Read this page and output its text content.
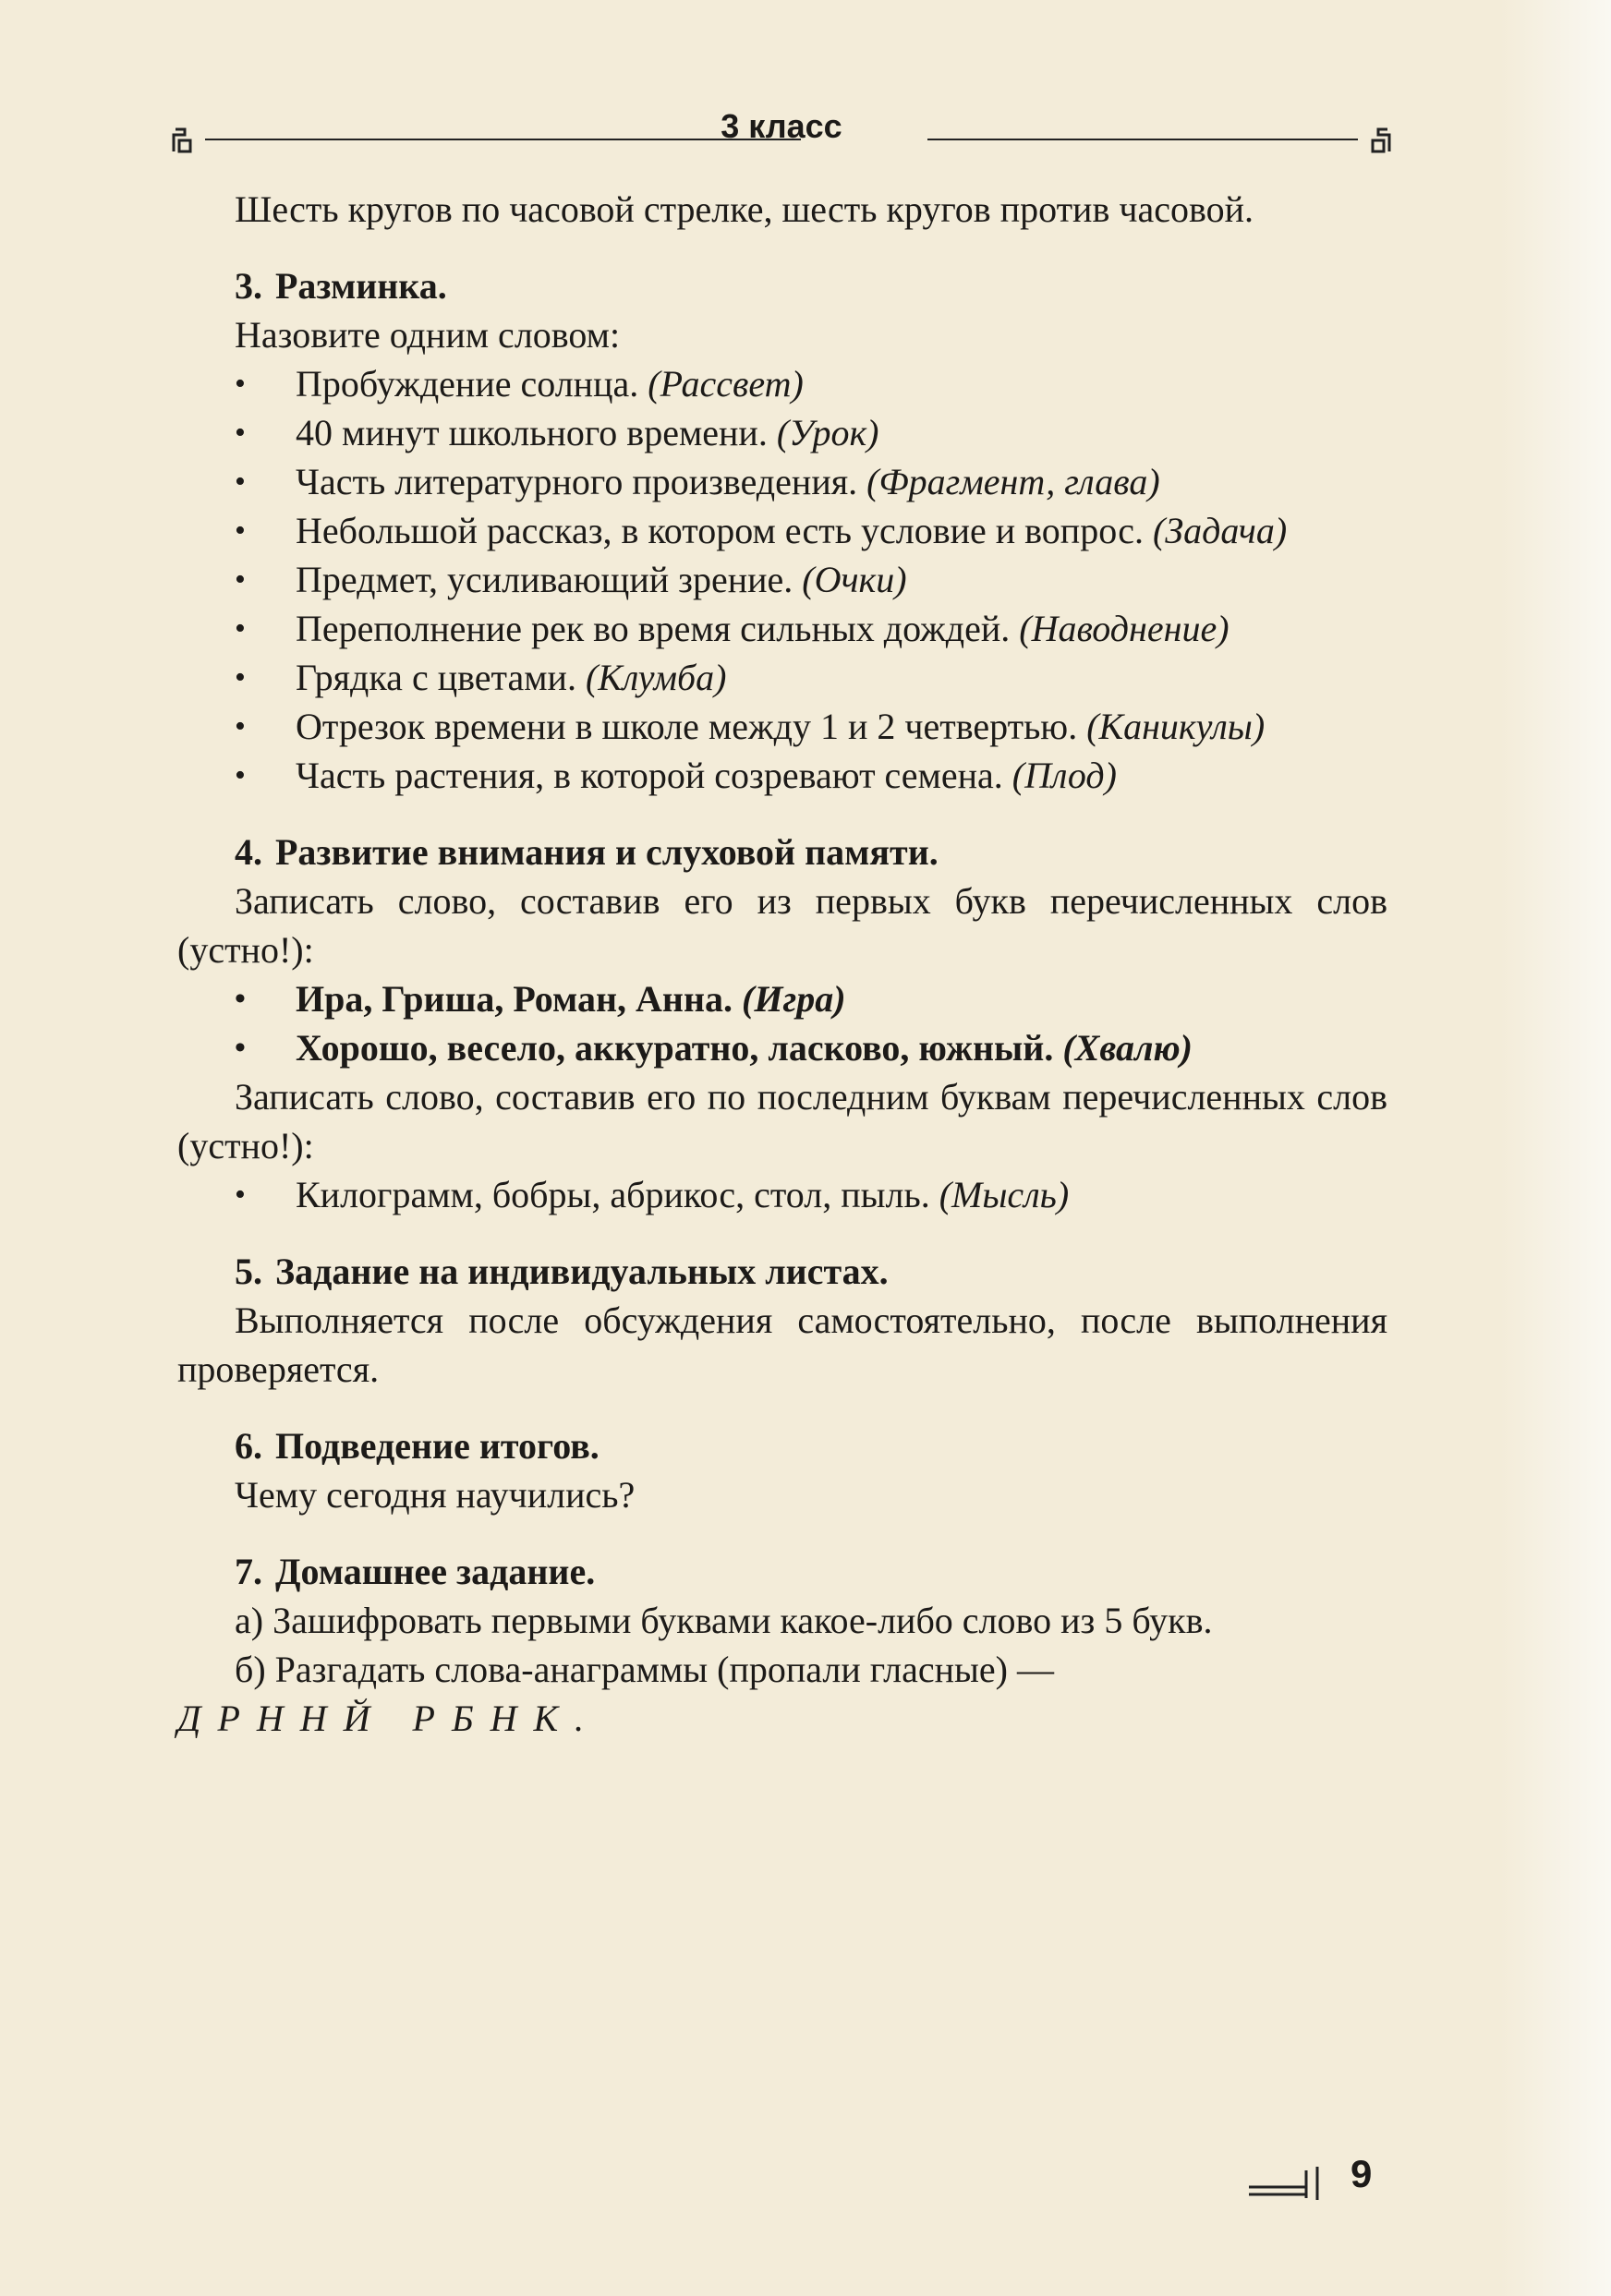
3 класс

Шесть кругов по часовой стрелке, шесть кругов против часовой.

3. Разминка.

Назовите одним словом:

• Пробуждение солнца. (Рассвет)
• 40 минут школьного времени. (Урок)
• Часть литературного произведения. (Фрагмент, глава)
• Небольшой рассказ, в котором есть условие и вопрос. (Задача)
• Предмет, усиливающий зрение. (Очки)
• Переполнение рек во время сильных дождей. (Наводнение)
• Грядка с цветами. (Клумба)
• Отрезок времени в школе между 1 и 2 четвертью. (Каникулы)
• Часть растения, в которой созревают семена. (Плод)

4. Развитие внимания и слуховой памяти.

Записать слово, составив его из первых букв перечисленных слов (устно!):

• Ира, Гриша, Роман, Анна. (Игра)
• Хорошо, весело, аккуратно, ласково, южный. (Хвалю)

Записать слово, составив его по последним буквам перечисленных слов (устно!):

• Килограмм, бобры, абрикос, стол, пыль. (Мысль)

5. Задание на индивидуальных листах.

Выполняется после обсуждения самостоятельно, после выполнения проверяется.

6. Подведение итогов.

Чему сегодня научились?

7. Домашнее задание.

а) Зашифровать первыми буквами какое-либо слово из 5 букв.

б) Разгадать слова-анаграммы (пропали гласные) —

ДРННЙ РБНК.

9
